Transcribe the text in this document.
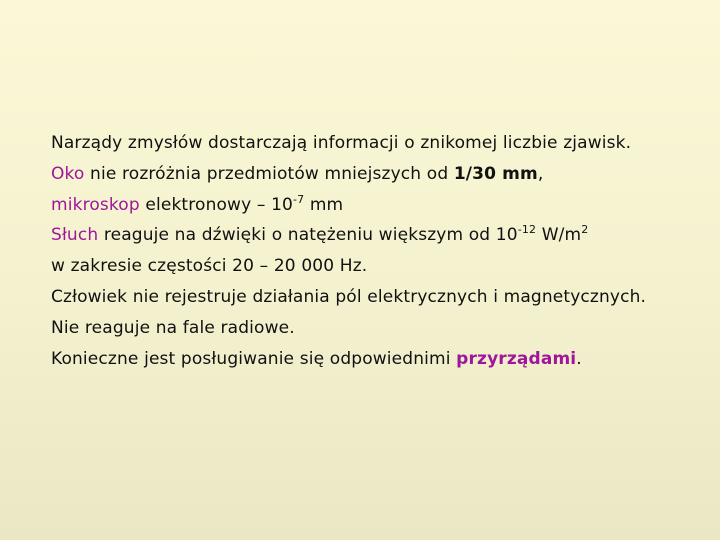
Narządy zmysłów dostarczają informacji o znikomej liczbie zjawisk.
Oko nie rozróżnia przedmiotów mniejszych od 1/30 mm,
mikroskop elektronowy – $10^{-7}$ mm
Słuch reaguje na dźwięki o natężeniu większym od $10^{-12}$ $W/m^2$
w zakresie częstości 20 – 20 000 Hz.
Człowiek nie rejestruje działania pól elektrycznych i magnetycznych.
Nie reaguje na fale radiowe.
Konieczne jest posługiwanie się odpowiednimi przyrządami.
